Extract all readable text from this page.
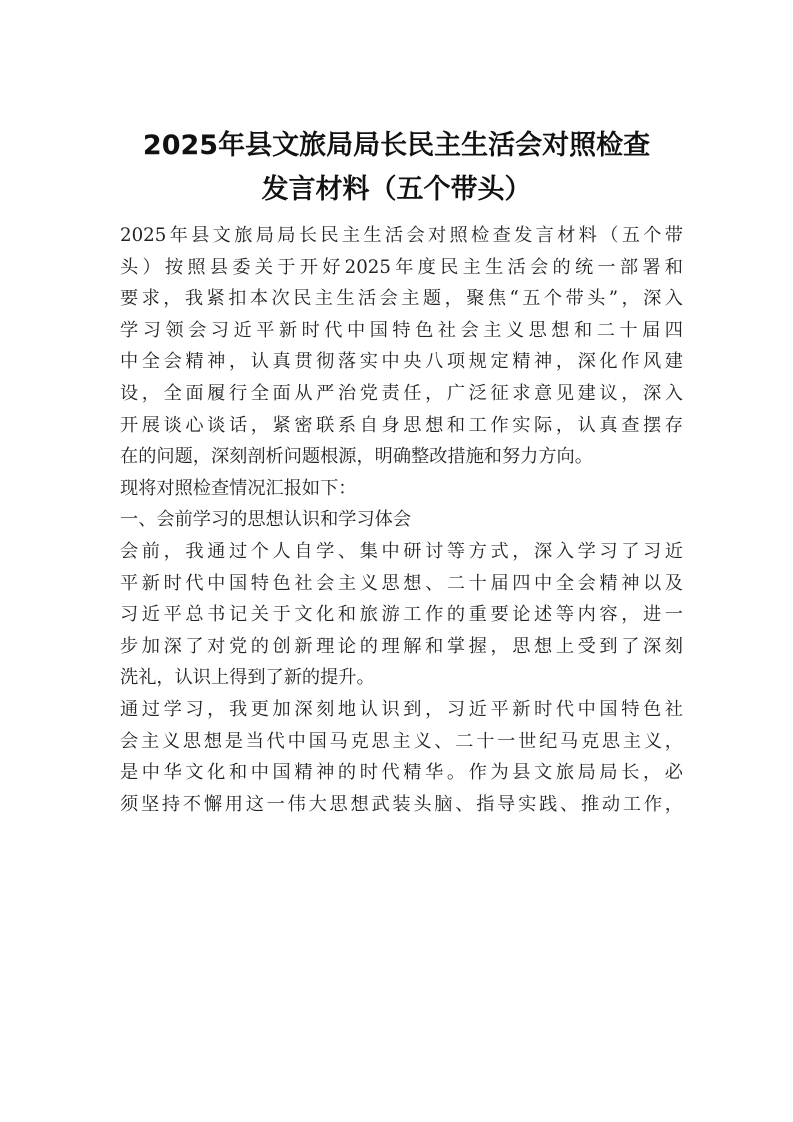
2025年县文旅局局长民主生活会对照检查
发言材料（五个带头）
2025年县文旅局局长民主生活会对照检查发言材料（五个带
头）按照县委关于开好2025年度民主生活会的统一部署和
要求，我紧扣本次民主生活会主题，聚焦“五个带头”，深入
学习领会习近平新时代中国特色社会主义思想和二十届四
中全会精神，认真贯彻落实中央八项规定精神，深化作风建
设，全面履行全面从严治党责任，广泛征求意见建议，深入
开展谈心谈话，紧密联系自身思想和工作实际，认真查摆存
在的问题，深刻剖析问题根源，明确整改措施和努力方向。
现将对照检查情况汇报如下：
一、会前学习的思想认识和学习体会
会前，我通过个人自学、集中研讨等方式，深入学习了习近
平新时代中国特色社会主义思想、二十届四中全会精神以及
习近平总书记关于文化和旅游工作的重要论述等内容，进一
步加深了对党的创新理论的理解和掌握，思想上受到了深刻
洗礼，认识上得到了新的提升。
通过学习，我更加深刻地认识到，习近平新时代中国特色社
会主义思想是当代中国马克思主义、二十一世纪马克思主义，
是中华文化和中国精神的时代精华。作为县文旅局局长，必
须坚持不懈用这一伟大思想武装头脑、指导实践、推动工作，
